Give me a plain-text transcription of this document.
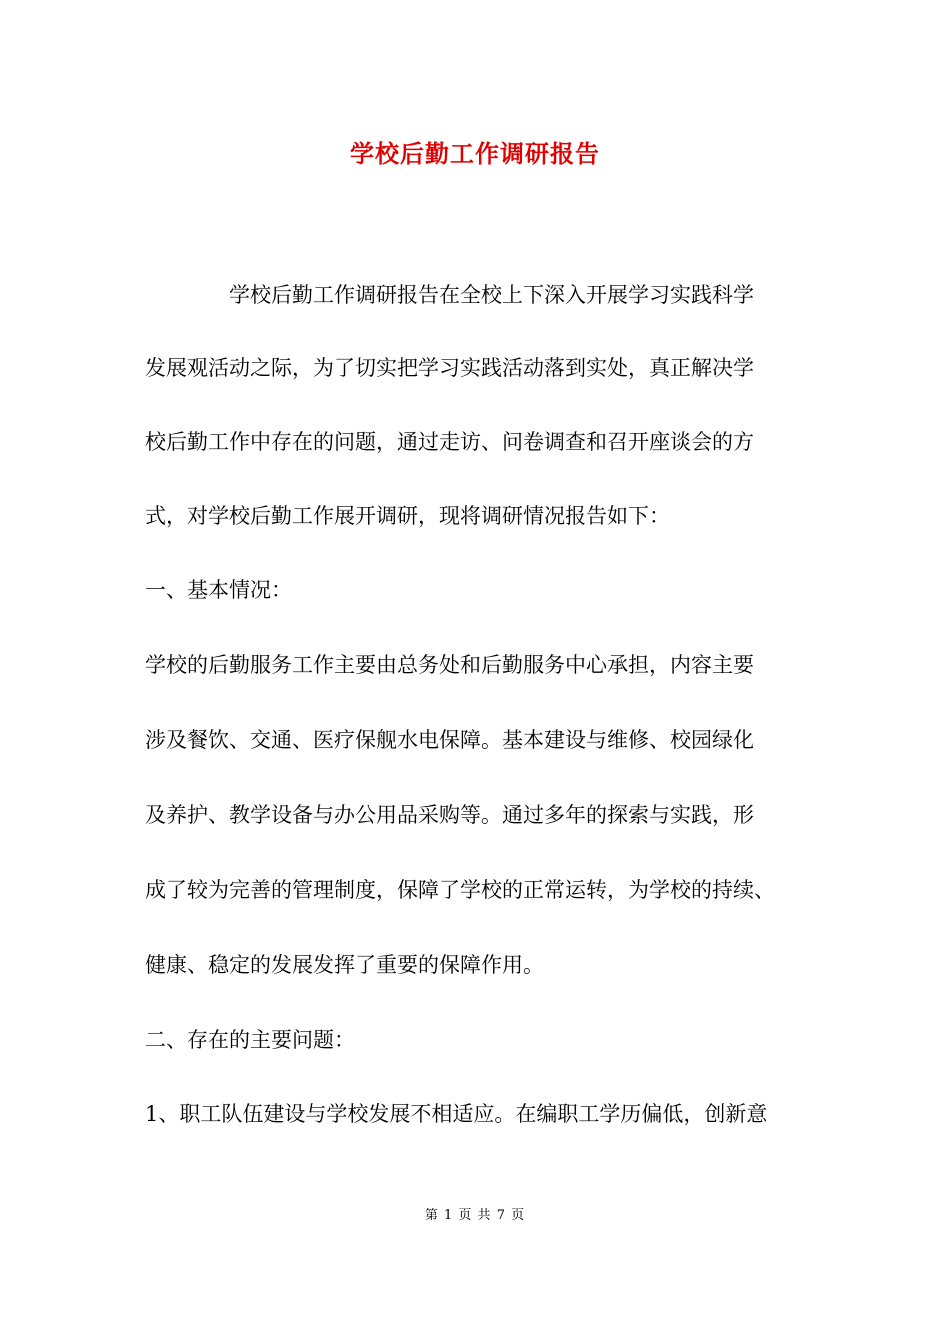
学校后勤工作调研报告
　　　　学校后勤工作调研报告在全校上下深入开展学习实践科学
发展观活动之际，为了切实把学习实践活动落到实处，真正解决学
校后勤工作中存在的问题，通过走访、问卷调查和召开座谈会的方
式，对学校后勤工作展开调研，现将调研情况报告如下：
一、基本情况：
学校的后勤服务工作主要由总务处和后勤服务中心承担，内容主要
涉及餐饮、交通、医疗保舰水电保障。基本建设与维修、校园绿化
及养护、教学设备与办公用品采购等。通过多年的探索与实践，形
成了较为完善的管理制度，保障了学校的正常运转，为学校的持续、
健康、稳定的发展发挥了重要的保障作用。
二、存在的主要问题：
1、职工队伍建设与学校发展不相适应。在编职工学历偏低，创新意
第 1 页 共 7 页
